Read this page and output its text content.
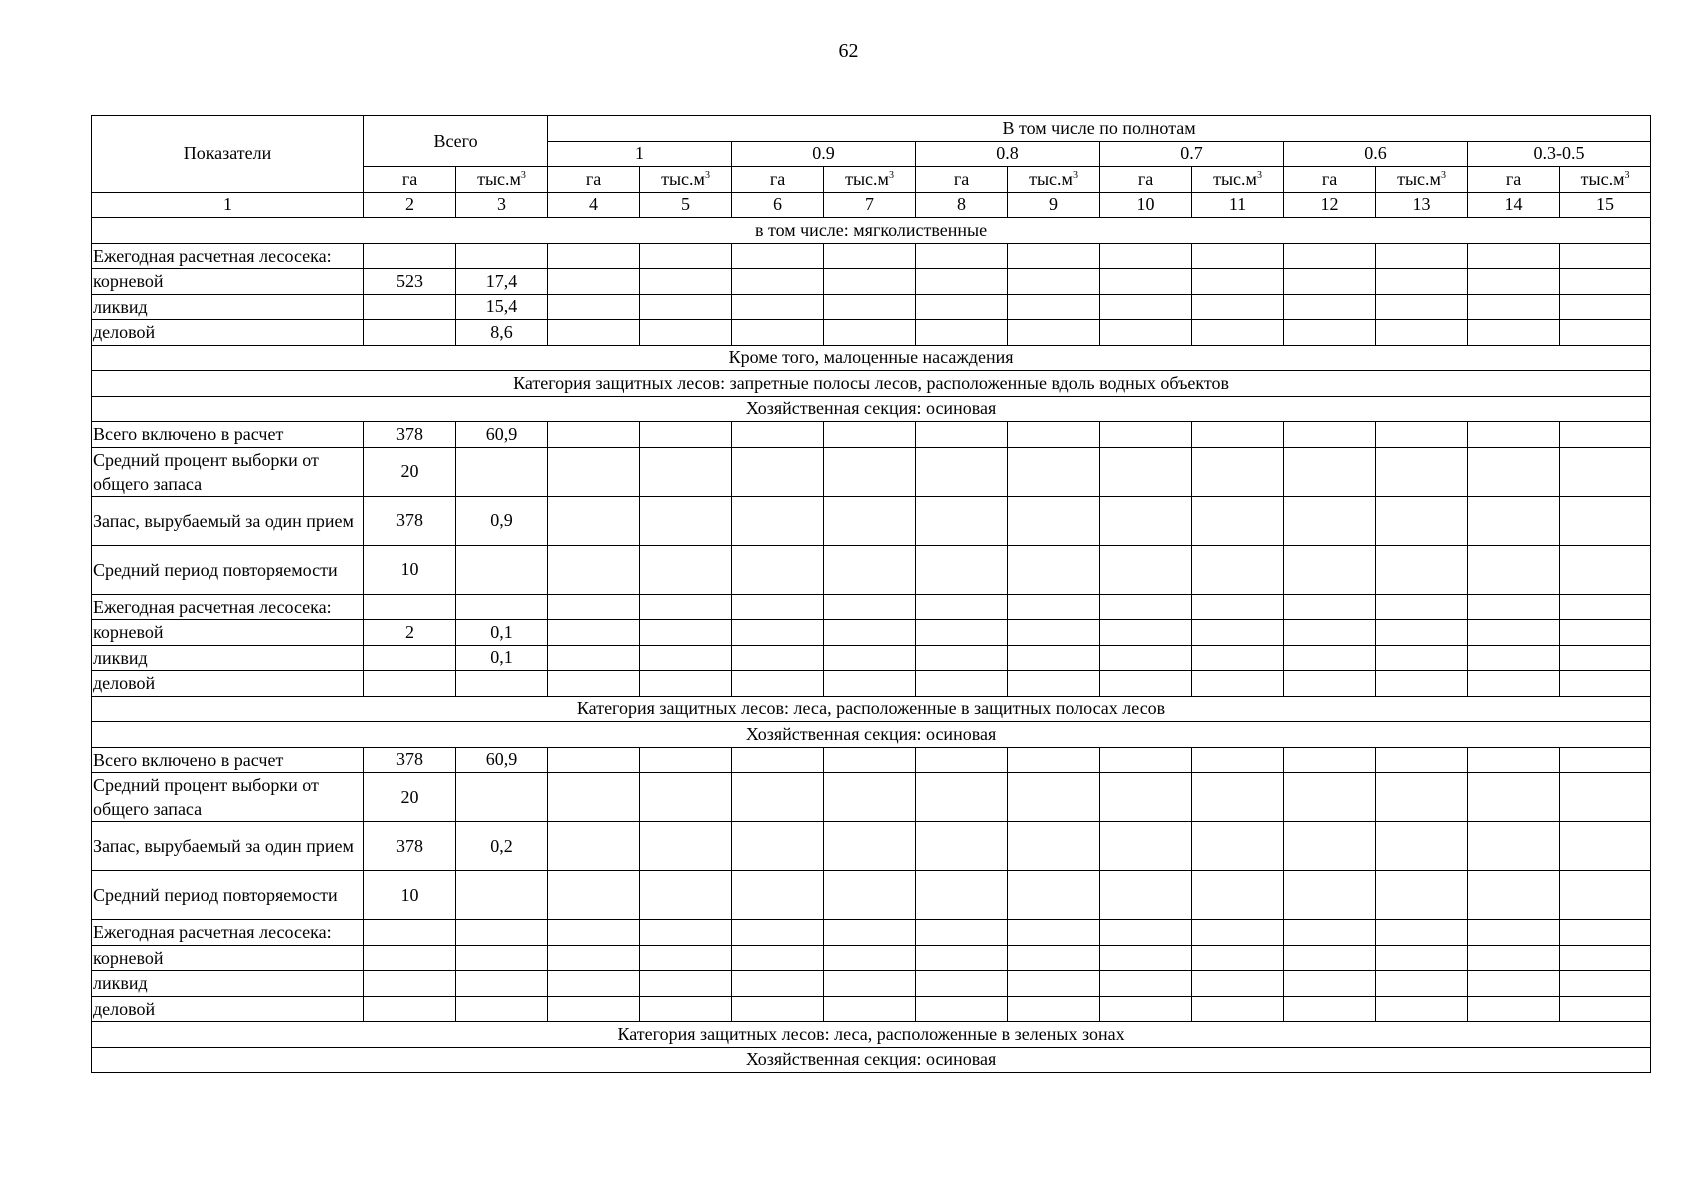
62
Показатели	Всего		В том числе по полнотам											
			1		0.9		0.8		0.7		0.6		0.3-0.5	
	га	$тыс.м^3$	га	$тыс.м^3$	га	$тыс.м^3$	га	$тыс.м^3$	га	$тыс.м^3$	га	$тыс.м^3$	га	$тыс.м^3$
1	2	3	4	5	6	7	8	9	10	11	12	13	14	15
в том числе: мягколиственные														
Ежегодная расчетная лесосека:														
корневой	523	17,4												
ликвид		15,4												
деловой		8,6												
Кроме того, малоценные насаждения														
Категория защитных лесов: запретные полосы лесов, расположенные вдоль водных объектов														
Хозяйственная секция: осиновая														
Всего включено в расчет	378	60,9												
Средний процент выборки от общего запаса	20													
Запас, вырубаемый за один прием	378	0,9												
Средний период повторяемости	10													
Ежегодная расчетная лесосека:														
корневой	2	0,1												
ликвид		0,1												
деловой														
Категория защитных лесов: леса, расположенные в защитных полосах лесов														
Хозяйственная секция: осиновая														
Всего включено в расчет	378	60,9												
Средний процент выборки от общего запаса	20													
Запас, вырубаемый за один прием	378	0,2												
Средний период повторяемости	10													
Ежегодная расчетная лесосека:														
корневой														
ликвид														
деловой														
Категория защитных лесов: леса, расположенные в зеленых зонах														
Хозяйственная секция: осиновая														
